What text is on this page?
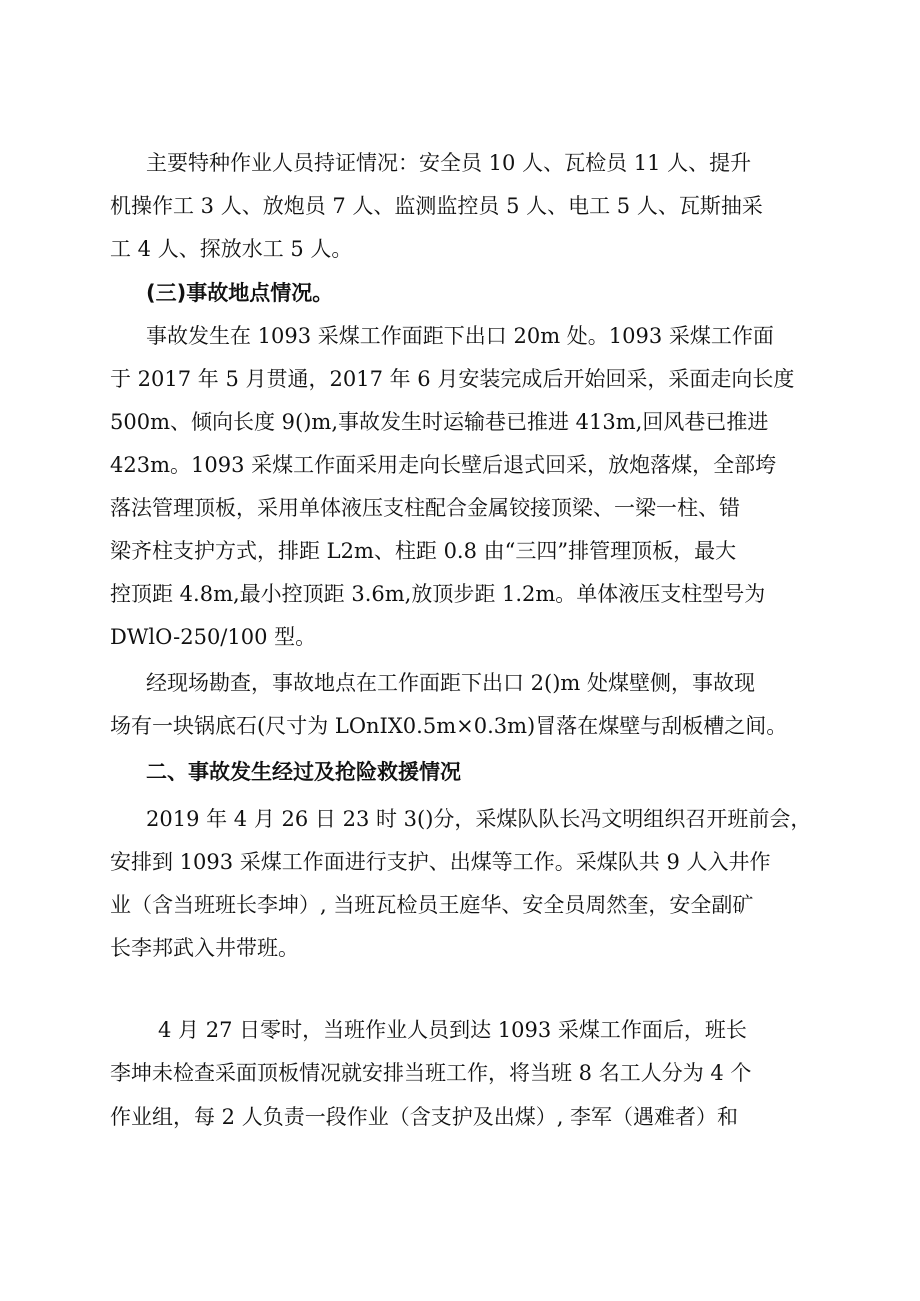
主要特种作业人员持证情况：安全员 10 人、瓦检员 11 人、提升
机操作工 3 人、放炮员 7 人、监测监控员 5 人、电工 5 人、瓦斯抽采
工 4 人、探放水工 5 人。
(三)事故地点情况。
事故发生在 1093 采煤工作面距下出口 20m 处。1093 采煤工作面
于 2017 年 5 月贯通，2017 年 6 月安装完成后开始回采，采面走向长度
500m、倾向长度 9()m,事故发生时运输巷已推进 413m,回风巷已推进
423m。1093 采煤工作面采用走向长壁后退式回采，放炮落煤，全部垮
落法管理顶板，采用单体液压支柱配合金属铰接顶梁、一梁一柱、错
梁齐柱支护方式，排距 L2m、柱距 0.8 由“三四”排管理顶板，最大
控顶距 4.8m,最小控顶距 3.6m,放顶步距 1.2m。单体液压支柱型号为
DWlO-250/100 型。
经现场勘查，事故地点在工作面距下出口 2()m 处煤壁侧，事故现
场有一块锅底石(尺寸为 LOnIX0.5m×0.3m)冒落在煤壁与刮板槽之间。
二、事故发生经过及抢险救援情况
2019 年 4 月 26 日 23 时 3()分，采煤队队长冯文明组织召开班前会，
安排到 1093 采煤工作面进行支护、出煤等工作。采煤队共 9 人入井作
业（含当班班长李坤）, 当班瓦检员王庭华、安全员周然奎，安全副矿
长李邦武入井带班。
4 月 27 日零时，当班作业人员到达 1093 采煤工作面后，班长
李坤未检查采面顶板情况就安排当班工作，将当班 8 名工人分为 4 个
作业组，每 2 人负责一段作业（含支护及出煤）, 李军（遇难者）和
